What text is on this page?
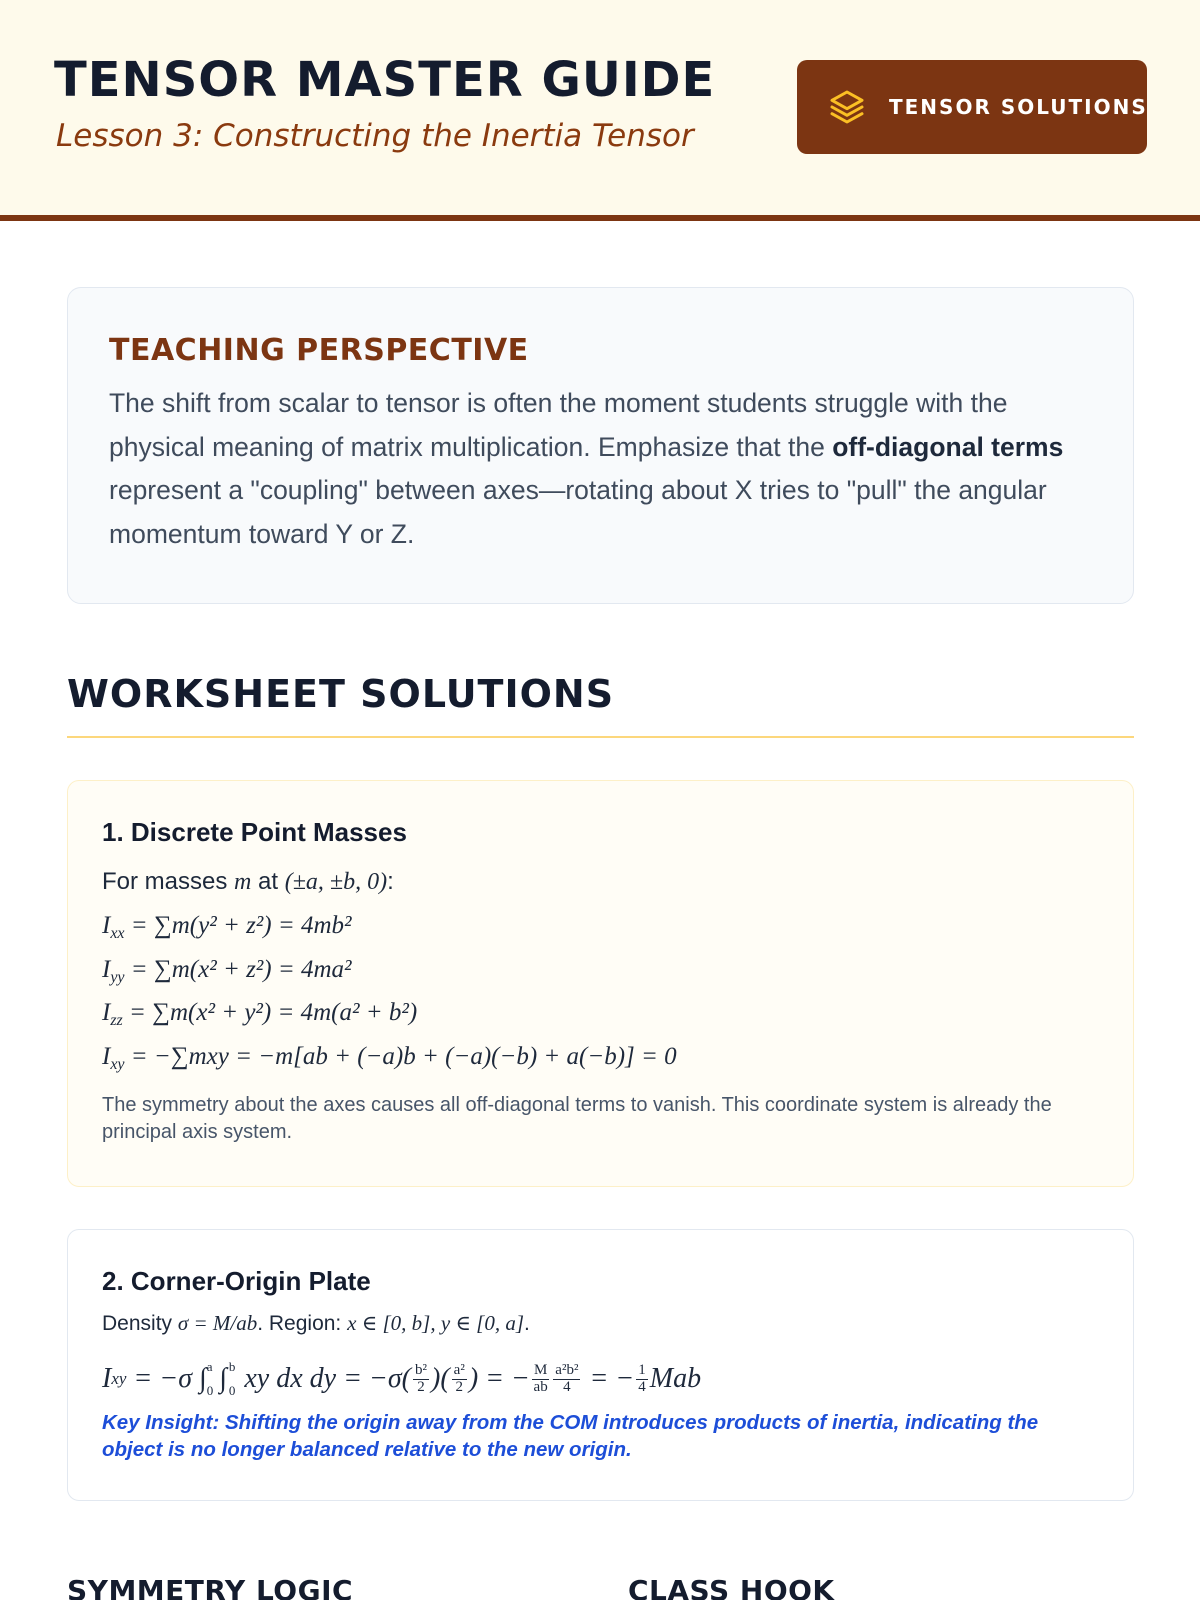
TENSOR MASTER GUIDE
Lesson 3: Constructing the Inertia Tensor
TENSOR SOLUTIONS
TEACHING PERSPECTIVE

The shift from scalar to tensor is often the moment students struggle with the physical meaning of matrix multiplication. Emphasize that the off-diagonal terms represent a "coupling" between axes—rotating about X tries to "pull" the angular momentum toward Y or Z.

WORKSHEET SOLUTIONS
1. Discrete Point Masses
For masses m at (±a, ±b, 0):
$I_{xx} = \sum m(y^2 + z^2) = 4mb^2$
$I_{yy} = \sum m(x^2 + z^2) = 4ma^2$
$I_{zz} = \sum m(x^2 + y^2) = 4m(a^2 + b^2)$
$I_{xy} = -\sum mxy = -m[ab + (-a)b + (-a)(-b) + a(-b)] = 0$

The symmetry about the axes causes all off-diagonal terms to vanish. This coordinate system is already the principal axis system.

2. Corner-Origin Plate
Density σ = M/ab. Region: x ∈ [0, b], y ∈ [0, a].
I xy = −σ ∫ a
0 ∫ b
0 xy dx dy = $-\sigma( \frac{\text{b²}}{2}$ )( $\frac{\text{a²}}{2}$ ) = − $\frac{M}{ab} \frac{\text{a²b²}}{4}$ = − $\frac{1}{4}$ Mab

Key Insight: Shifting the origin away from the COM introduces products of inertia, indicating the object is no longer balanced relative to the new origin.

SYMMETRY LOGIC	CLASS HOOK
